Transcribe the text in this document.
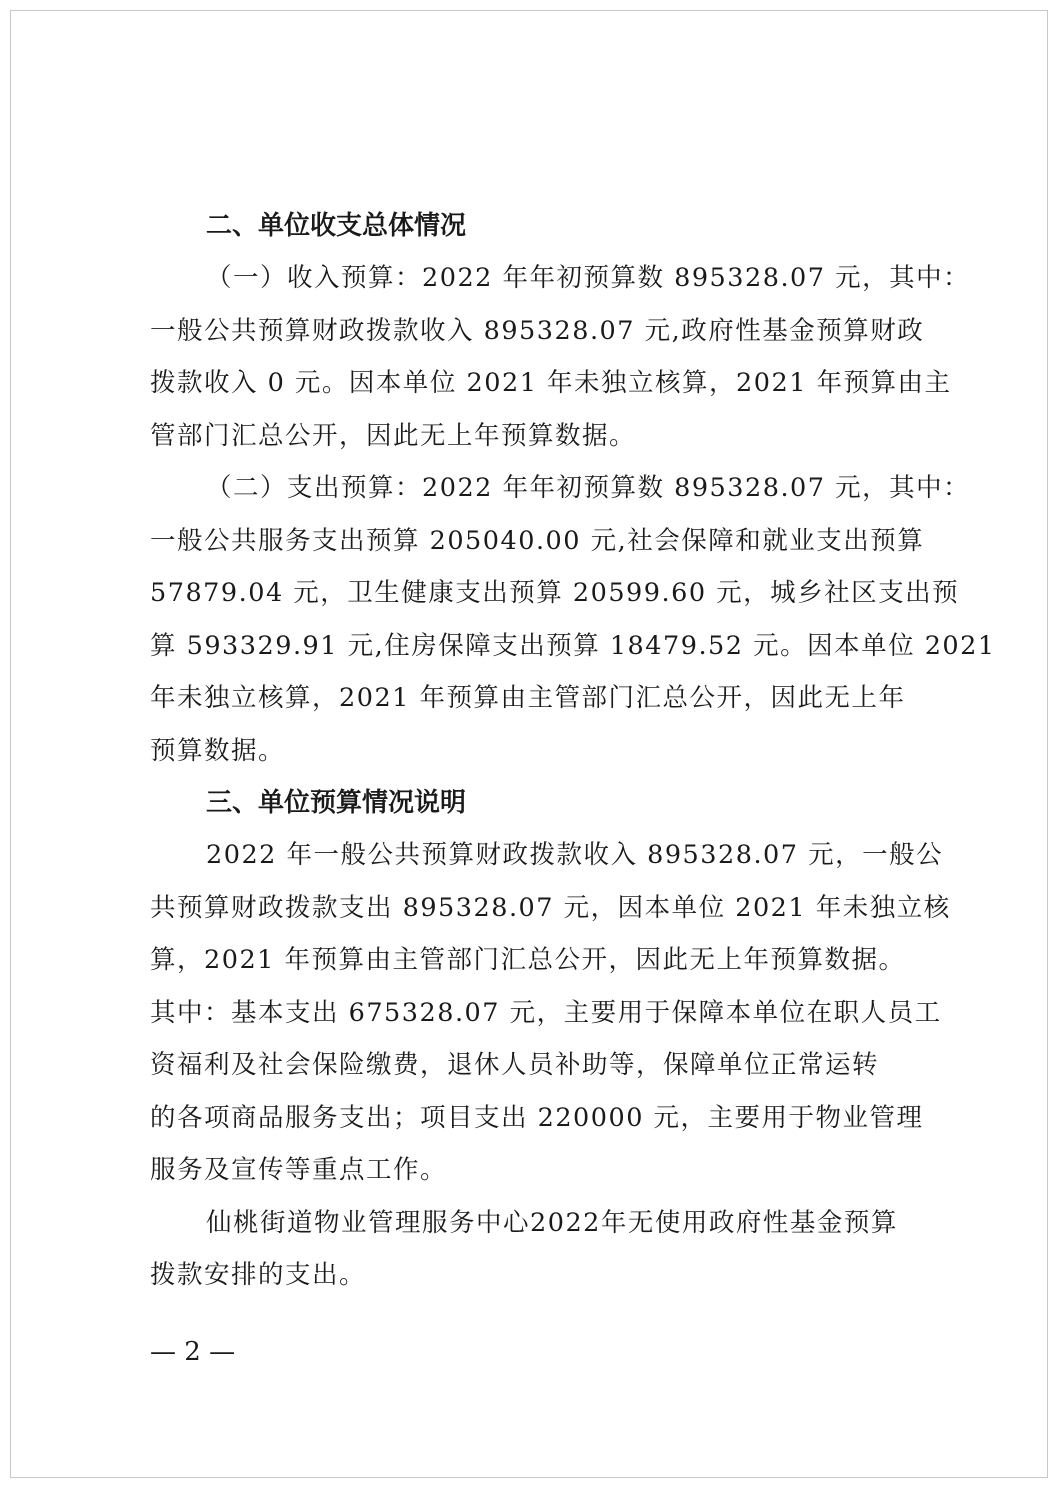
二、单位收支总体情况
（一）收入预算：2022 年年初预算数 895328.07 元，其中：
一般公共预算财政拨款收入 895328.07 元,政府性基金预算财政
拨款收入 0 元。因本单位 2021 年未独立核算，2021 年预算由主
管部门汇总公开，因此无上年预算数据。
（二）支出预算：2022 年年初预算数 895328.07 元，其中：
一般公共服务支出预算 205040.00 元,社会保障和就业支出预算
57879.04 元，卫生健康支出预算 20599.60 元，城乡社区支出预
算 593329.91 元,住房保障支出预算 18479.52 元。因本单位 2021
年未独立核算，2021 年预算由主管部门汇总公开，因此无上年
预算数据。
三、单位预算情况说明
2022 年一般公共预算财政拨款收入 895328.07 元，一般公
共预算财政拨款支出 895328.07 元，因本单位 2021 年未独立核
算，2021 年预算由主管部门汇总公开，因此无上年预算数据。
其中：基本支出 675328.07 元，主要用于保障本单位在职人员工
资福利及社会保险缴费，退休人员补助等，保障单位正常运转
的各项商品服务支出；项目支出 220000 元，主要用于物业管理
服务及宣传等重点工作。
仙桃街道物业管理服务中心2022年无使用政府性基金预算
拨款安排的支出。
— 2 —
